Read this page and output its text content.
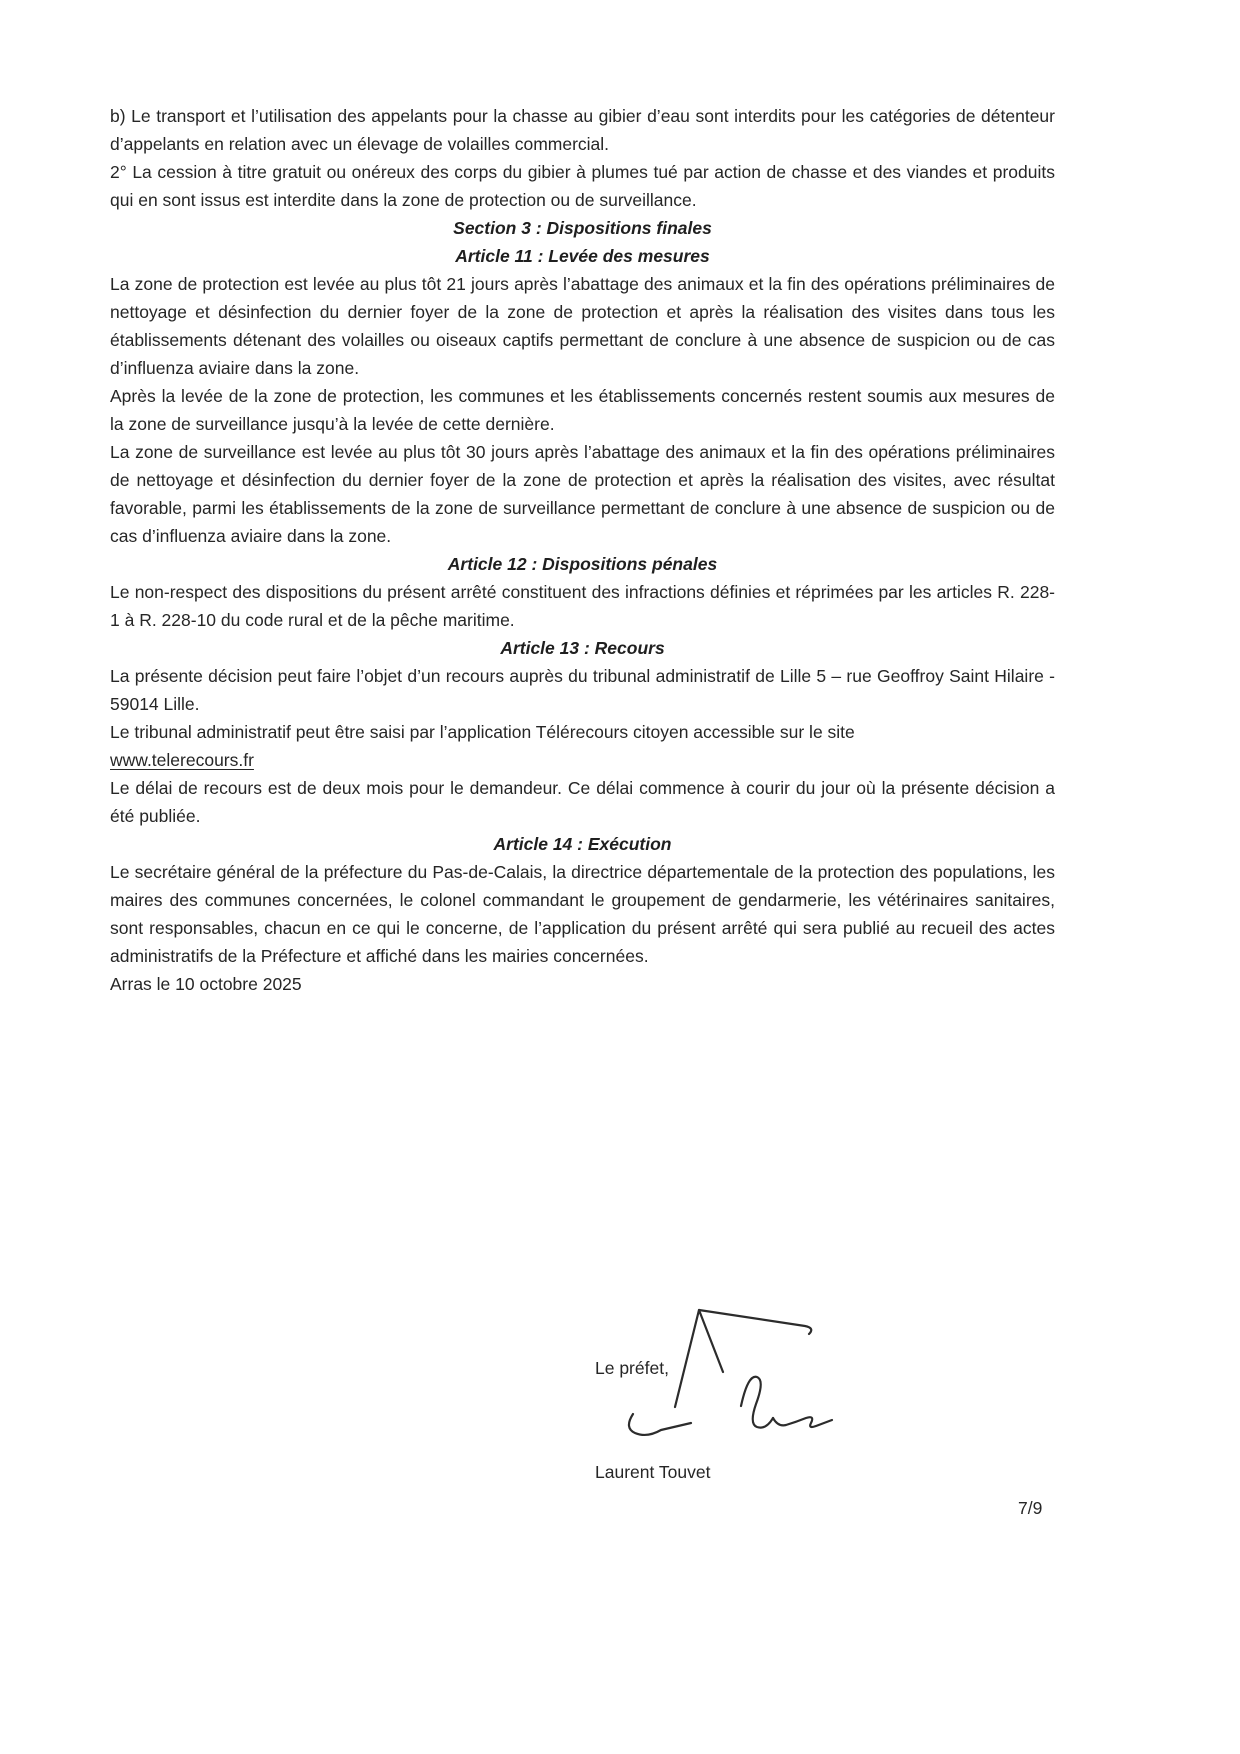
b) Le transport et l’utilisation des appelants pour la chasse au gibier d’eau sont interdits pour les catégories de détenteur d’appelants en relation avec un élevage de volailles commercial.

2° La cession à titre gratuit ou onéreux des corps du gibier à plumes tué par action de chasse et des viandes et produits qui en sont issus est interdite dans la zone de protection ou de surveillance.

Section 3 : Dispositions finales
Article 11 : Levée des mesures

La zone de protection est levée au plus tôt 21 jours après l’abattage des animaux et la fin des opérations préliminaires de nettoyage et désinfection du dernier foyer de la zone de protection et après la réalisation des visites dans tous les établissements détenant des volailles ou oiseaux captifs permettant de conclure à une absence de suspicion ou de cas d’influenza aviaire dans la zone.

Après la levée de la zone de protection, les communes et les établissements concernés restent soumis aux mesures de la zone de surveillance jusqu’à la levée de cette dernière.

La zone de surveillance est levée au plus tôt 30 jours après l’abattage des animaux et la fin des opérations préliminaires de nettoyage et désinfection du dernier foyer de la zone de protection et après la réalisation des visites, avec résultat favorable, parmi les établissements de la zone de surveillance permettant de conclure à une absence de suspicion ou de cas d’influenza aviaire dans la zone.

Article 12 : Dispositions pénales

Le non-respect des dispositions du présent arrêté constituent des infractions définies et réprimées par les articles R. 228-1 à R. 228-10 du code rural et de la pêche maritime.

Article 13 : Recours

La présente décision peut faire l’objet d’un recours auprès du tribunal administratif de Lille 5 – rue Geoffroy Saint Hilaire - 59014 Lille.

Le tribunal administratif peut être saisi par l’application Télérecours citoyen accessible sur le site

www.telerecours.fr

Le délai de recours est de deux mois pour le demandeur. Ce délai commence à courir du jour où la présente décision a été publiée.

Article 14 : Exécution

Le secrétaire général de la préfecture du Pas-de-Calais, la directrice départementale de la protection des populations, les maires des communes concernées, le colonel commandant le groupement de gendarmerie, les vétérinaires sanitaires, sont responsables, chacun en ce qui le concerne, de l’application du présent arrêté qui sera publié au recueil des actes administratifs de la Préfecture et affiché dans les mairies concernées.

Arras le 10 octobre 2025

Le préfet,
Laurent Touvet
7/9
